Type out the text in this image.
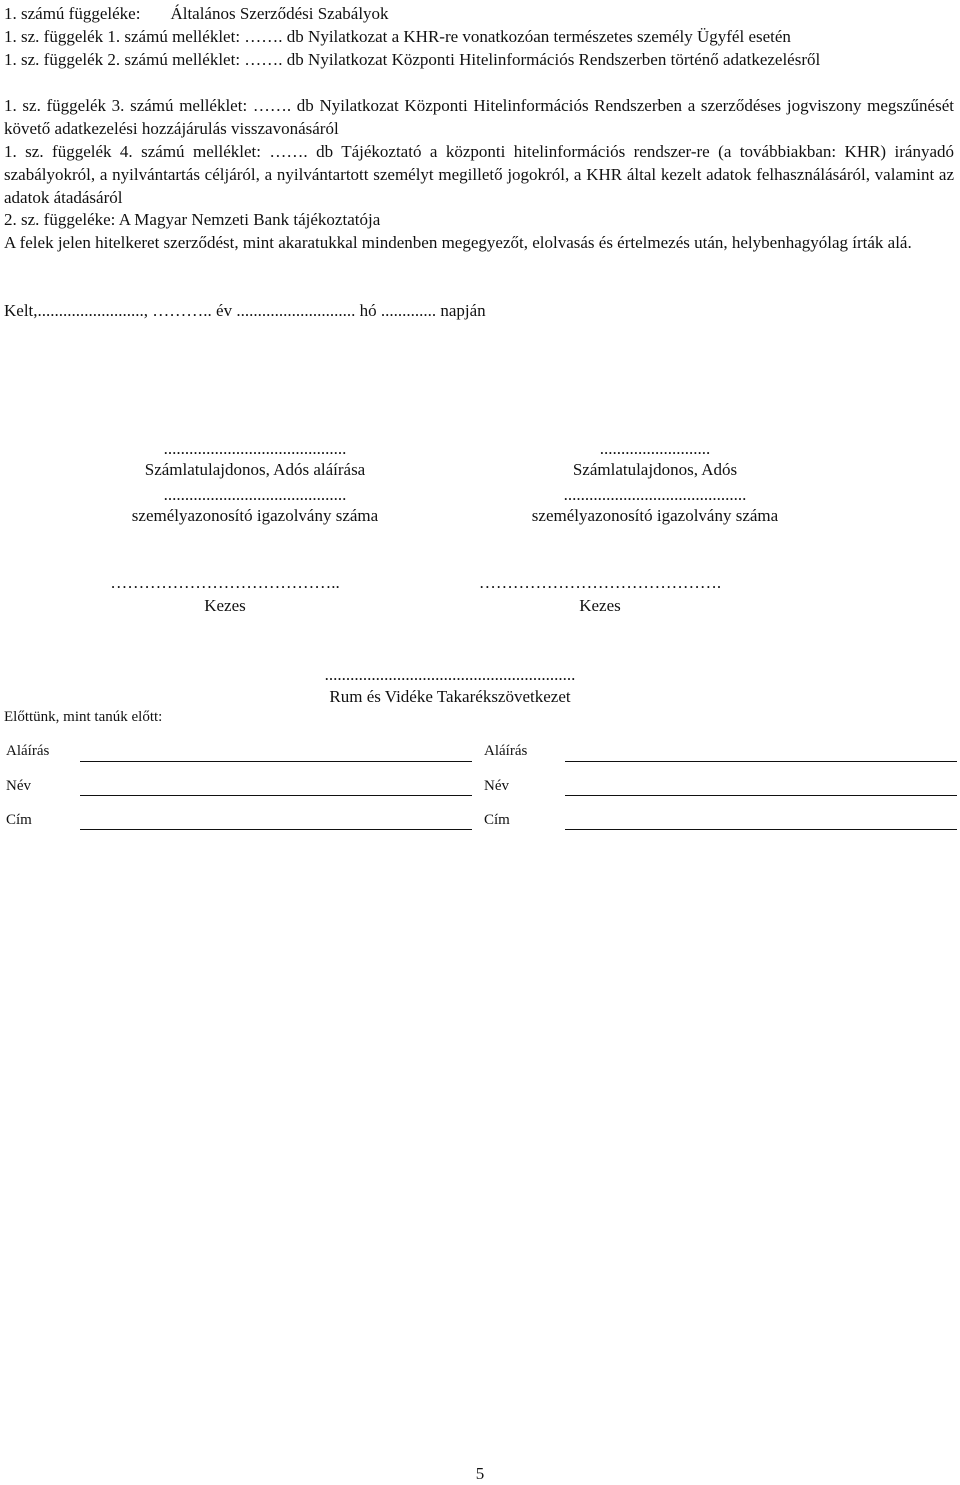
1. számú függeléke: Általános Szerződési Szabályok
1. sz. függelék 1. számú melléklet: ……. db Nyilatkozat a KHR-re vonatkozóan természetes személy Ügyfél esetén
1. sz. függelék 2. számú melléklet: ……. db Nyilatkozat Központi Hitelinformációs Rendszerben történő adatkezelésről
1. sz. függelék 3. számú melléklet: ……. db Nyilatkozat Központi Hitelinformációs Rendszerben a szerződéses jogviszony megszűnését követő adatkezelési hozzájárulás visszavonásáról
1. sz. függelék 4. számú melléklet: ……. db Tájékoztató a központi hitelinformációs rendszer-re (a továbbiakban: KHR) irányadó szabályokról, a nyilvántartás céljáról, a nyilvántartott személyt megillető jogokról, a KHR által kezelt adatok felhasználásáról, valamint az adatok átadásáról
2. sz. függeléke: A Magyar Nemzeti Bank tájékoztatója
A felek jelen hitelkeret szerződést, mint akaratukkal mindenben megegyezőt, elolvasás és értelmezés után, helybenhagyólag írták alá.
Kelt,........................., ……….. év ............................ hó ............. napján
...........................................
Számlatulajdonos, Adós aláírása
...........................................
személyazonosító igazolvány száma
..........................
Számlatulajdonos, Adós
...........................................
személyazonosító igazolvány száma
…………………………………..
Kezes
…………………………………….
Kezes
...........................................................
Rum és Vidéke Takarékszövetkezet
Előttünk, mint tanúk előtt:
Aláírás	Aláírás
Név	Név
Cím	Cím
5
